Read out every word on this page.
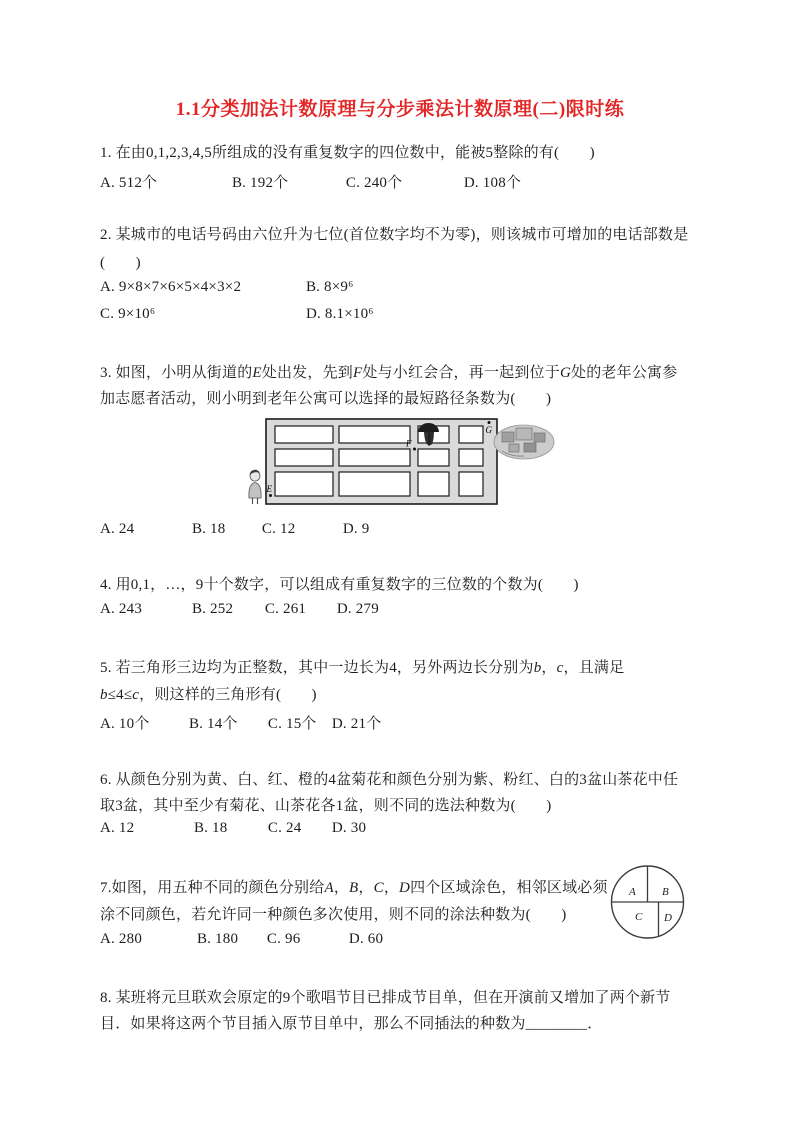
1.1分类加法计数原理与分步乘法计数原理(二)限时练
1. 在由0,1,2,3,4,5所组成的没有重复数字的四位数中，能被5整除的有(　　)
A. 512个	B. 192个	C. 240个	D. 108个
2. 某城市的电话号码由六位升为七位(首位数字均不为零)，则该城市可增加的电话部数是
(　　)
A. 9×8×7×6×5×4×3×2	B. 8×9⁶
C. 9×10⁶	D. 8.1×10⁶
3. 如图，小明从街道的E处出发，先到F处与小红会合，再一起到位于G处的老年公寓参
加志愿者活动，则小明到老年公寓可以选择的最短路径条数为(　　)
E
F
G
A. 24	B. 18 C. 12	D. 9
4. 用0,1，…，9十个数字，可以组成有重复数字的三位数的个数为(　　)
A. 243	B. 252 C. 261 D. 279
5. 若三角形三边均为正整数，其中一边长为4，另外两边长分别为b，c，且满足
b≤4≤c，则这样的三角形有(　　)
A. 10个	B. 14个 C. 15个 D. 21个
6. 从颜色分别为黄、白、红、橙的4盆菊花和颜色分别为紫、粉红、白的3盆山茶花中任
取3盆，其中至少有菊花、山茶花各1盆，则不同的选法种数为(　　)
A. 12	B. 18	C. 24 D. 30
7.如图，用五种不同的颜色分别给A，B，C，D四个区域涂色，相邻区域必须
涂不同颜色，若允许同一种颜色多次使用，则不同的涂法种数为(　　)
A. 280	B. 180 C. 96	D. 60
A B
C D
8. 某班将元旦联欢会原定的9个歌唱节目已排成节目单，但在开演前又增加了两个新节
目．如果将这两个节目插入原节目单中，那么不同插法的种数为________．
